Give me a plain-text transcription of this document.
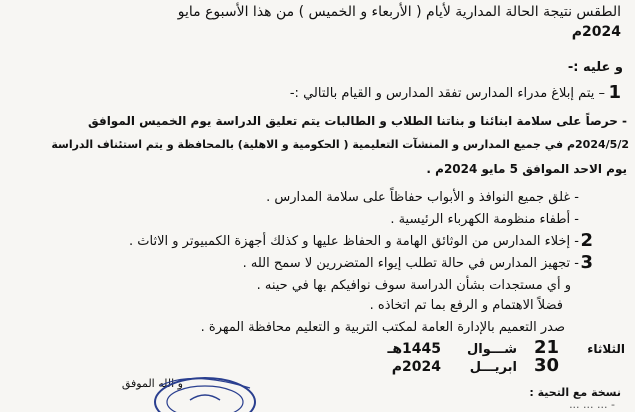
الطقس نتيجة الحالة المدارية لأيام ( الأربعاء و الخميس ) من هذا الأسبوع مايو
2024م
و عليه :-
1
– يتم إبلاغ مدراء المدارس تفقد المدارس و القيام بالتالي :-
- حرصاً على سلامة ابنائنا و بناتنا الطلاب و الطالبات يتم تعليق الدراسة يوم الخميس الموافق
2024/5/2م في جميع المدارس و المنشآت التعليمية ( الحكومية و الاهلية) بالمحافظة و يتم استئناف الدراسة
يوم الاحد الموافق 5 مايو 2024م .
- غلق جميع النوافذ و الأبواب حفاظاً على سلامة المدارس .
- أطفاء منظومة الكهرباء الرئيسية .
2
- إخلاء المدارس من الوثائق الهامة و الحفاظ عليها و كذلك أجهزة الكمبيوتر و الاثاث .
3
- تجهيز المدارس في حالة تطلب إيواء المتضررين لا سمح الله .
و أي مستجدات بشأن الدراسة سوف نوافيكم بها في حينه .
فضلاً الاهتمام و الرفع بما تم اتخاذه .
صدر التعميم بالإدارة العامة لمكتب التربية و التعليم محافظة المهرة .
الثلاثاء
21
شـــوال
1445هـ
30
ابريـــل
2024م
و الله الموفق
نسخة مع التحية :
- ... ... ...
